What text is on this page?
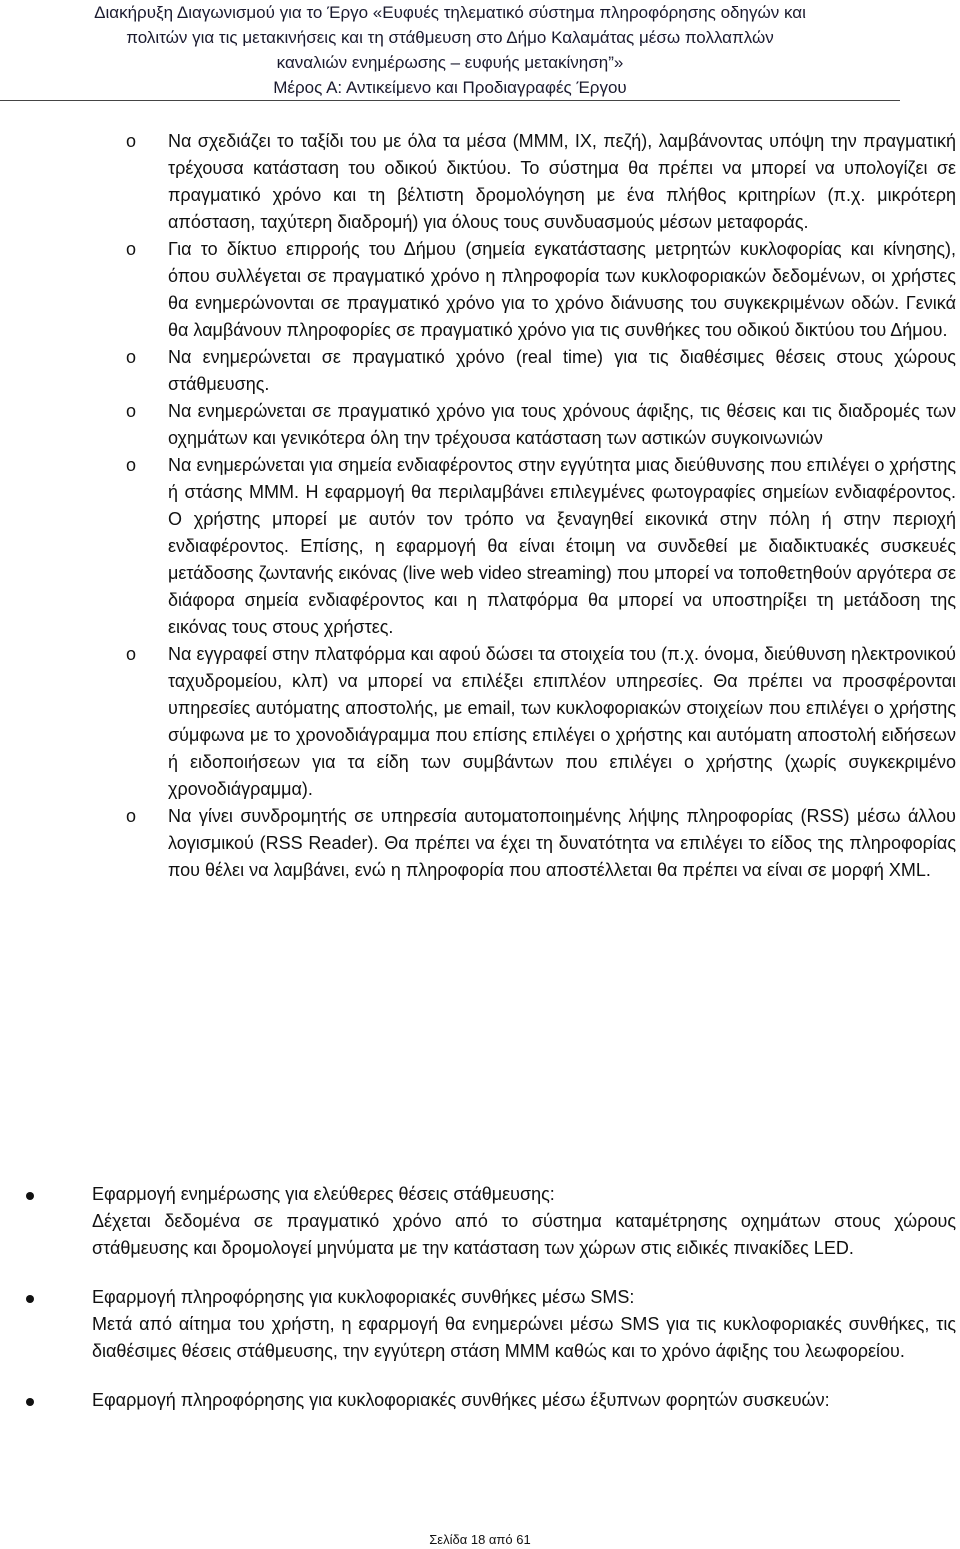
Διακήρυξη Διαγωνισμού για το Έργο «Ευφυές τηλεματικό σύστημα πληροφόρησης οδηγών και
πολιτών για τις μετακινήσεις και τη στάθμευση στο Δήμο Καλαμάτας μέσω πολλαπλών
καναλιών ενημέρωσης – ευφυής μετακίνηση”»
Μέρος Α: Αντικείμενο και Προδιαγραφές Έργου
o Να σχεδιάζει το ταξίδι του με όλα τα μέσα (ΜΜΜ, ΙΧ, πεζή), λαμβάνοντας υπόψη την πραγματική τρέχουσα κατάσταση του οδικού δικτύου. Το σύστημα θα πρέπει να μπορεί να υπολογίζει σε πραγματικό χρόνο και τη βέλτιστη δρομολόγηση με ένα πλήθος κριτηρίων (π.χ. μικρότερη απόσταση, ταχύτερη διαδρομή) για όλους τους συνδυασμούς μέσων μεταφοράς.
o Για το δίκτυο επιρροής του Δήμου (σημεία εγκατάστασης μετρητών κυκλοφορίας και κίνησης), όπου συλλέγεται σε πραγματικό χρόνο η πληροφορία των κυκλοφοριακών δεδομένων, οι χρήστες θα ενημερώνονται σε πραγματικό χρόνο για το χρόνο διάνυσης του συγκεκριμένων οδών. Γενικά θα λαμβάνουν πληροφορίες σε πραγματικό χρόνο για τις συνθήκες του οδικού δικτύου του Δήμου.
o Να ενημερώνεται σε πραγματικό χρόνο (real time) για τις διαθέσιμες θέσεις στους χώρους στάθμευσης.
o Να ενημερώνεται σε πραγματικό χρόνο για τους χρόνους άφιξης, τις θέσεις και τις διαδρομές των οχημάτων και γενικότερα όλη την τρέχουσα κατάσταση των αστικών συγκοινωνιών
o Να ενημερώνεται για σημεία ενδιαφέροντος στην εγγύτητα μιας διεύθυνσης που επιλέγει ο χρήστης ή στάσης ΜΜΜ. Η εφαρμογή θα περιλαμβάνει επιλεγμένες φωτογραφίες σημείων ενδιαφέροντος. Ο χρήστης μπορεί με αυτόν τον τρόπο να ξεναγηθεί εικονικά στην πόλη ή στην περιοχή ενδιαφέροντος. Επίσης, η εφαρμογή θα είναι έτοιμη να συνδεθεί με διαδικτυακές συσκευές μετάδοσης ζωντανής εικόνας (live web video streaming) που μπορεί να τοποθετηθούν αργότερα σε διάφορα σημεία ενδιαφέροντος και η πλατφόρμα θα μπορεί να υποστηρίξει τη μετάδοση της εικόνας τους στους χρήστες.
o Να εγγραφεί στην πλατφόρμα και αφού δώσει τα στοιχεία του (π.χ. όνομα, διεύθυνση ηλεκτρονικού ταχυδρομείου, κλπ) να μπορεί να επιλέξει επιπλέον υπηρεσίες. Θα πρέπει να προσφέρονται υπηρεσίες αυτόματης αποστολής, με email, των κυκλοφοριακών στοιχείων που επιλέγει ο χρήστης σύμφωνα με το χρονοδιάγραμμα που επίσης επιλέγει ο χρήστης και αυτόματη αποστολή ειδήσεων ή ειδοποιήσεων για τα είδη των συμβάντων που επιλέγει ο χρήστης (χωρίς συγκεκριμένο χρονοδιάγραμμα).
o Να γίνει συνδρομητής σε υπηρεσία αυτοματοποιημένης λήψης πληροφορίας (RSS) μέσω άλλου λογισμικού (RSS Reader). Θα πρέπει να έχει τη δυνατότητα να επιλέγει το είδος της πληροφορίας που θέλει να λαμβάνει, ενώ η πληροφορία που αποστέλλεται θα πρέπει να είναι σε μορφή XML.

Εφαρμογή ενημέρωσης για ελεύθερες θέσεις στάθμευσης:

Δέχεται δεδομένα σε πραγματικό χρόνο από το σύστημα καταμέτρησης οχημάτων στους χώρους στάθμευσης και δρομολογεί μηνύματα με την κατάσταση των χώρων στις ειδικές πινακίδες LED.

Εφαρμογή πληροφόρησης για κυκλοφοριακές συνθήκες μέσω SMS:

Μετά από αίτημα του χρήστη, η εφαρμογή θα ενημερώνει μέσω SMS για τις κυκλοφοριακές συνθήκες, τις διαθέσιμες θέσεις στάθμευσης, την εγγύτερη στάση ΜΜΜ καθώς και το χρόνο άφιξης του λεωφορείου.

Εφαρμογή πληροφόρησης για κυκλοφοριακές συνθήκες μέσω έξυπνων φορητών συσκευών:

Σελίδα 18 από 61
